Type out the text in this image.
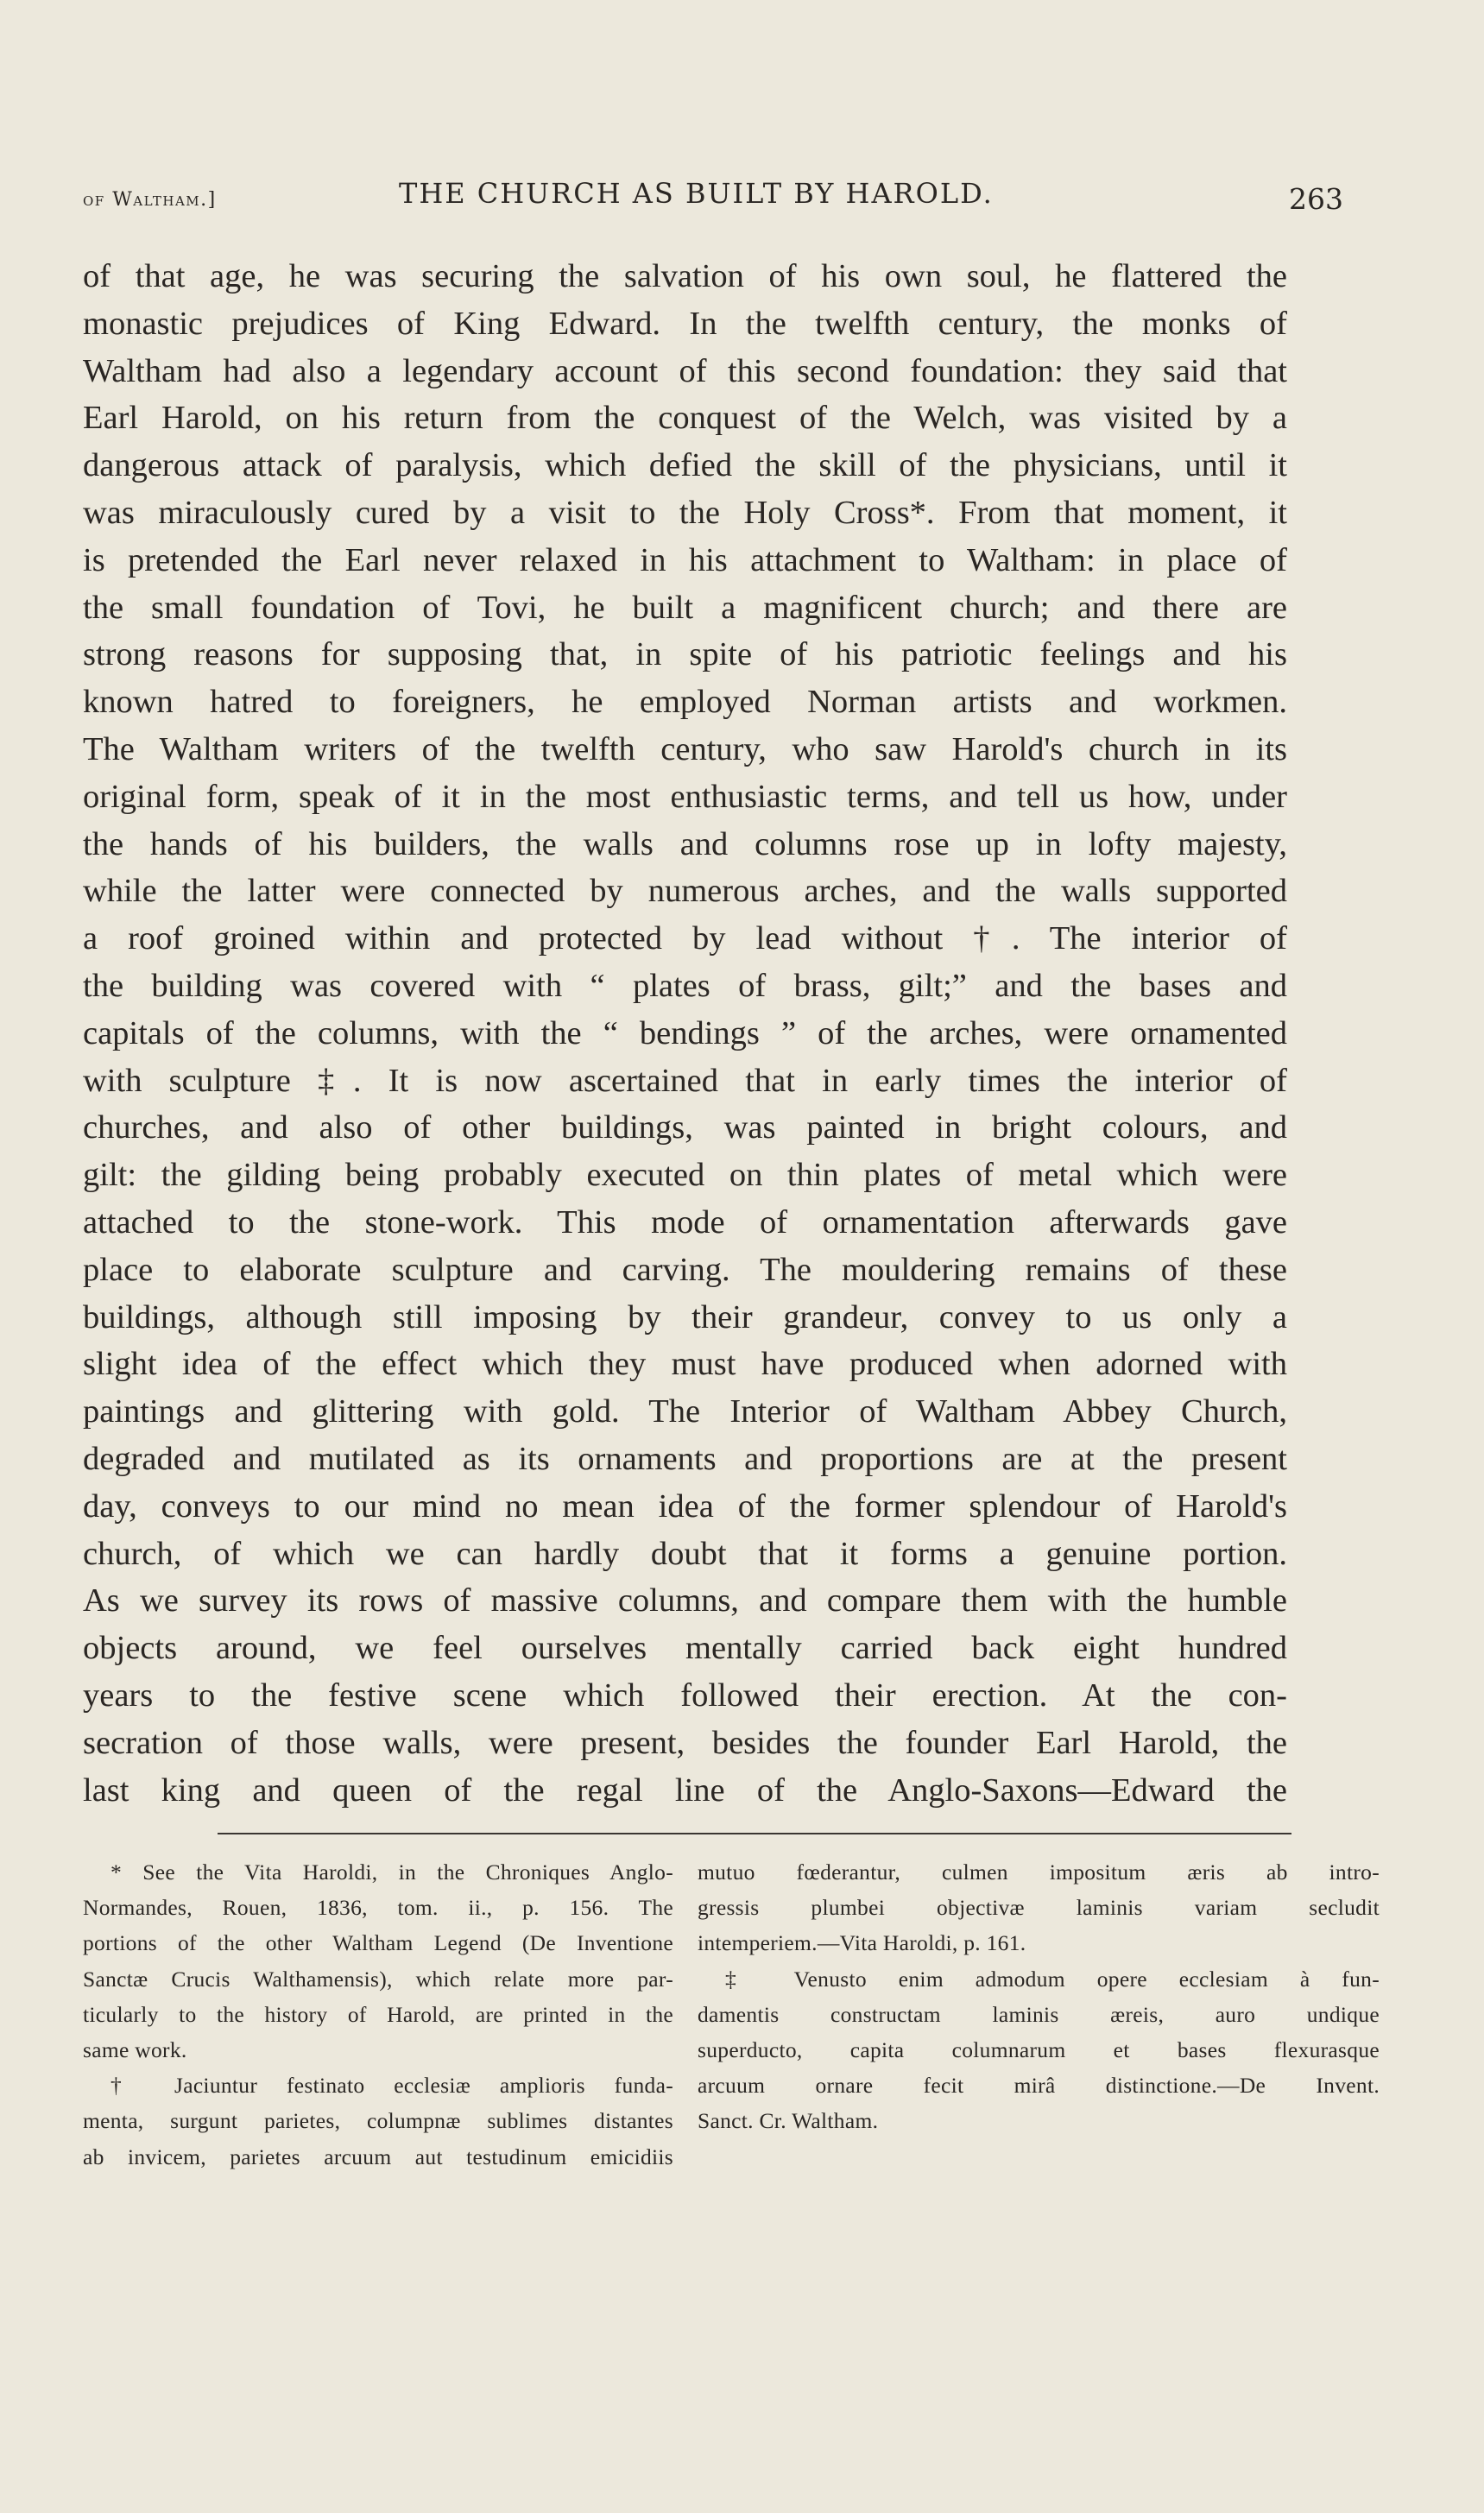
of Waltham.]	THE CHURCH AS BUILT BY HAROLD.	263
of that age, he was securing the salvation of his own soul, he flattered the
monastic prejudices of King Edward. In the twelfth century, the monks of
Waltham had also a legendary account of this second foundation: they said that
Earl Harold, on his return from the conquest of the Welch, was visited by a
dangerous attack of paralysis, which defied the skill of the physicians, until it
was miraculously cured by a visit to the Holy Cross*. From that moment, it
is pretended the Earl never relaxed in his attachment to Waltham: in place of
the small foundation of Tovi, he built a magnificent church; and there are
strong reasons for supposing that, in spite of his patriotic feelings and his
known hatred to foreigners, he employed Norman artists and workmen.
The Waltham writers of the twelfth century, who saw Harold's church in its
original form, speak of it in the most enthusiastic terms, and tell us how, under
the hands of his builders, the walls and columns rose up in lofty majesty,
while the latter were connected by numerous arches, and the walls supported
a roof groined within and protected by lead without †. The interior of
the building was covered with “ plates of brass, gilt;” and the bases and
capitals of the columns, with the “ bendings ” of the arches, were ornamented
with sculpture ‡. It is now ascertained that in early times the interior of
churches, and also of other buildings, was painted in bright colours, and
gilt: the gilding being probably executed on thin plates of metal which were
attached to the stone-work. This mode of ornamentation afterwards gave
place to elaborate sculpture and carving. The mouldering remains of these
buildings, although still imposing by their grandeur, convey to us only a
slight idea of the effect which they must have produced when adorned with
paintings and glittering with gold. The Interior of Waltham Abbey Church,
degraded and mutilated as its ornaments and proportions are at the present
day, conveys to our mind no mean idea of the former splendour of Harold's
church, of which we can hardly doubt that it forms a genuine portion.
As we survey its rows of massive columns, and compare them with the humble
objects around, we feel ourselves mentally carried back eight hundred
years to the festive scene which followed their erection. At the con-
secration of those walls, were present, besides the founder Earl Harold, the
last king and queen of the regal line of the Anglo-Saxons—Edward the
* See the Vita Haroldi, in the Chroniques Anglo-
Normandes, Rouen, 1836, tom. ii., p. 156. The
portions of the other Waltham Legend (De Inventione
Sanctæ Crucis Walthamensis), which relate more par-
ticularly to the history of Harold, are printed in the
same work.
† Jaciuntur festinato ecclesiæ amplioris funda-
menta, surgunt parietes, columpnæ sublimes distantes
ab invicem, parietes arcuum aut testudinum emicidiis
mutuo fœderantur, culmen impositum æris ab intro-
gressis plumbei objectivæ laminis variam secludit
intemperiem.—Vita Haroldi, p. 161.
‡ Venusto enim admodum opere ecclesiam à fun-
damentis constructam laminis æreis, auro undique
superducto, capita columnarum et bases flexurasque
arcuum ornare fecit mirâ distinctione.—De Invent.
Sanct. Cr. Waltham.
